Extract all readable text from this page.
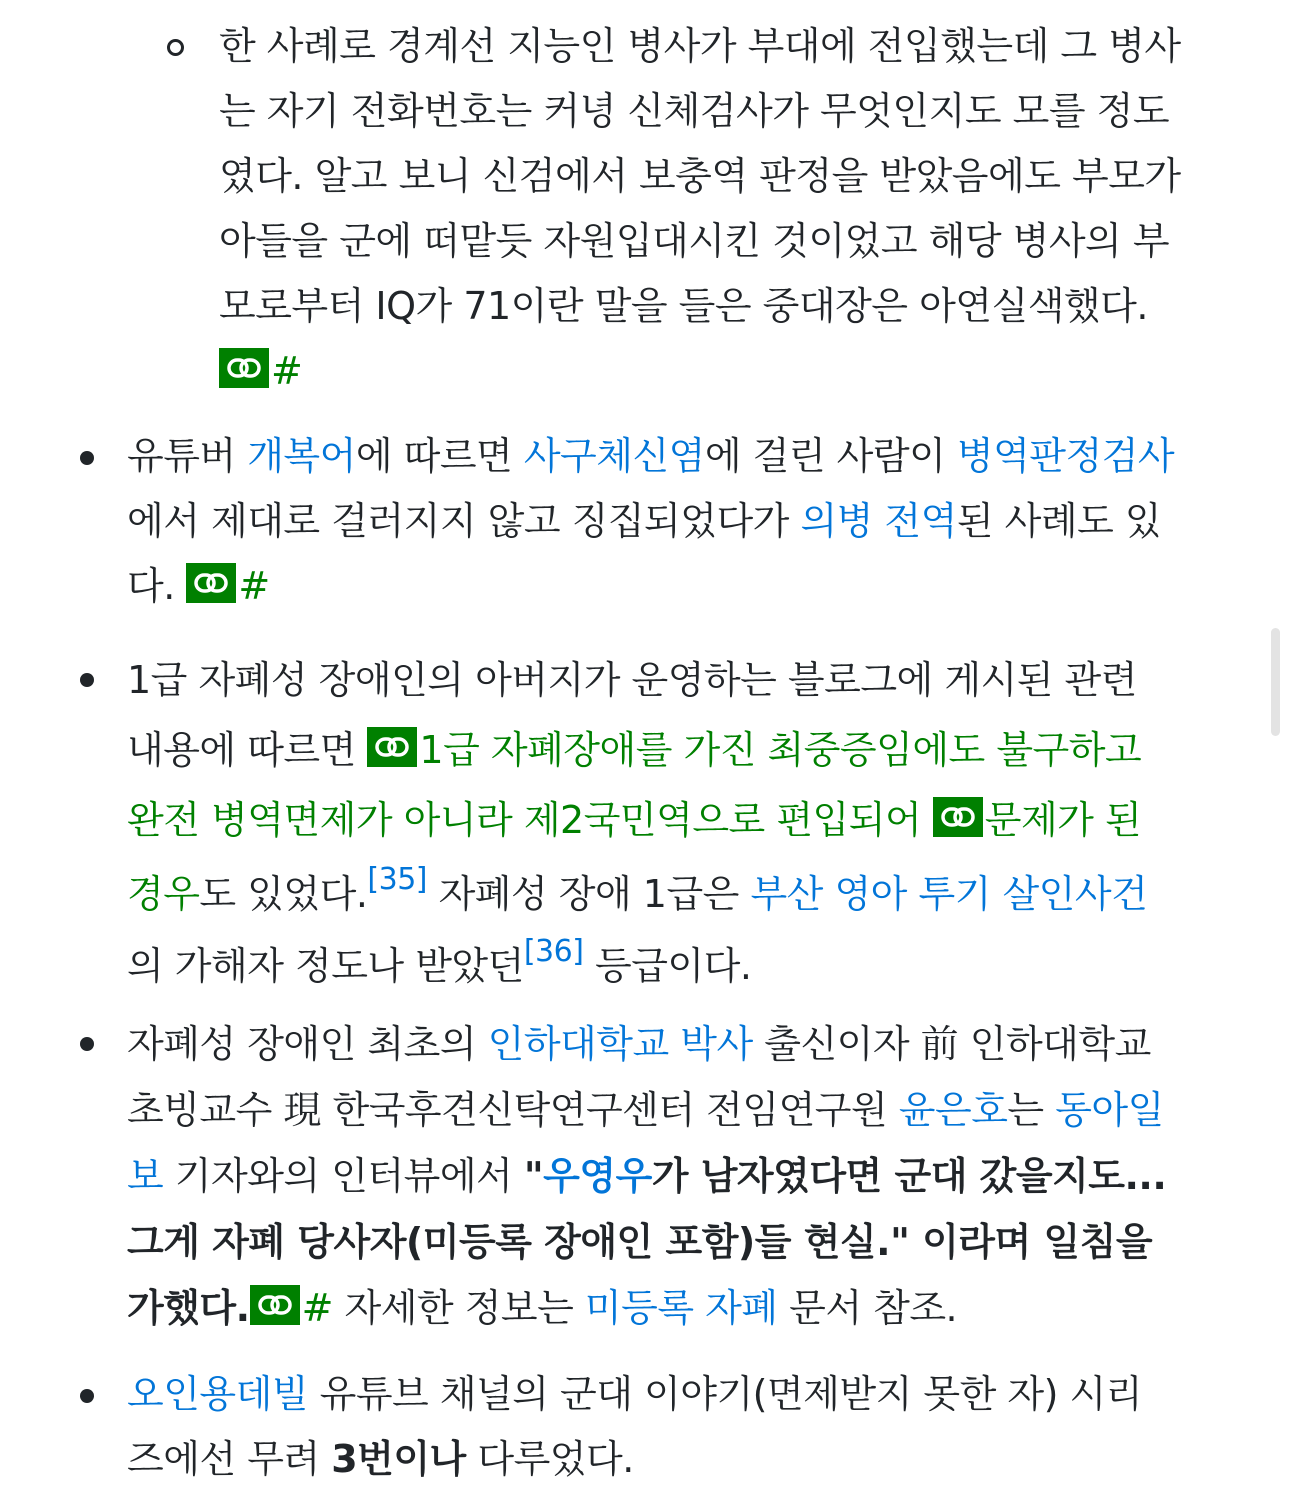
한 사례로 경계선 지능인 병사가 부대에 전입했는데 그 병사
는 자기 전화번호는 커녕 신체검사가 무엇인지도 모를 정도
였다. 알고 보니 신검에서 보충역 판정을 받았음에도 부모가
아들을 군에 떠맡듯 자원입대시킨 것이었고 해당 병사의 부
모로부터 IQ가 71이란 말을 들은 중대장은 아연실색했다.
#
유튜버 개복어에 따르면 사구체신염에 걸린 사람이 병역판정검사
에서 제대로 걸러지지 않고 징집되었다가 의병 전역된 사례도 있
다.
#
1급 자폐성 장애인의 아버지가 운영하는 블로그에 게시된 관련
내용에 따르면
1급 자폐장애를 가진 최중증임에도 불구하고
완전 병역면제가 아니라 제2국민역으로 편입되어
문제가 된
경우도 있었다.[35] 자폐성 장애 1급은 부산 영아 투기 살인사건
의 가해자 정도나 받았던[36] 등급이다.
자폐성 장애인 최초의 인하대학교 박사 출신이자 前 인하대학교
초빙교수 現 한국후견신탁연구센터 전임연구원 윤은호는 동아일
보 기자와의 인터뷰에서 "우영우가 남자였다면 군대 갔을지도...
그게 자폐 당사자(미등록 장애인 포함)들 현실." 이라며 일침을
가했다. # 자세한 정보는 미등록 자폐 문서 참조.
오인용데빌 유튜브 채널의 군대 이야기(면제받지 못한 자) 시리
즈에선 무려 3번이나 다루었다.
